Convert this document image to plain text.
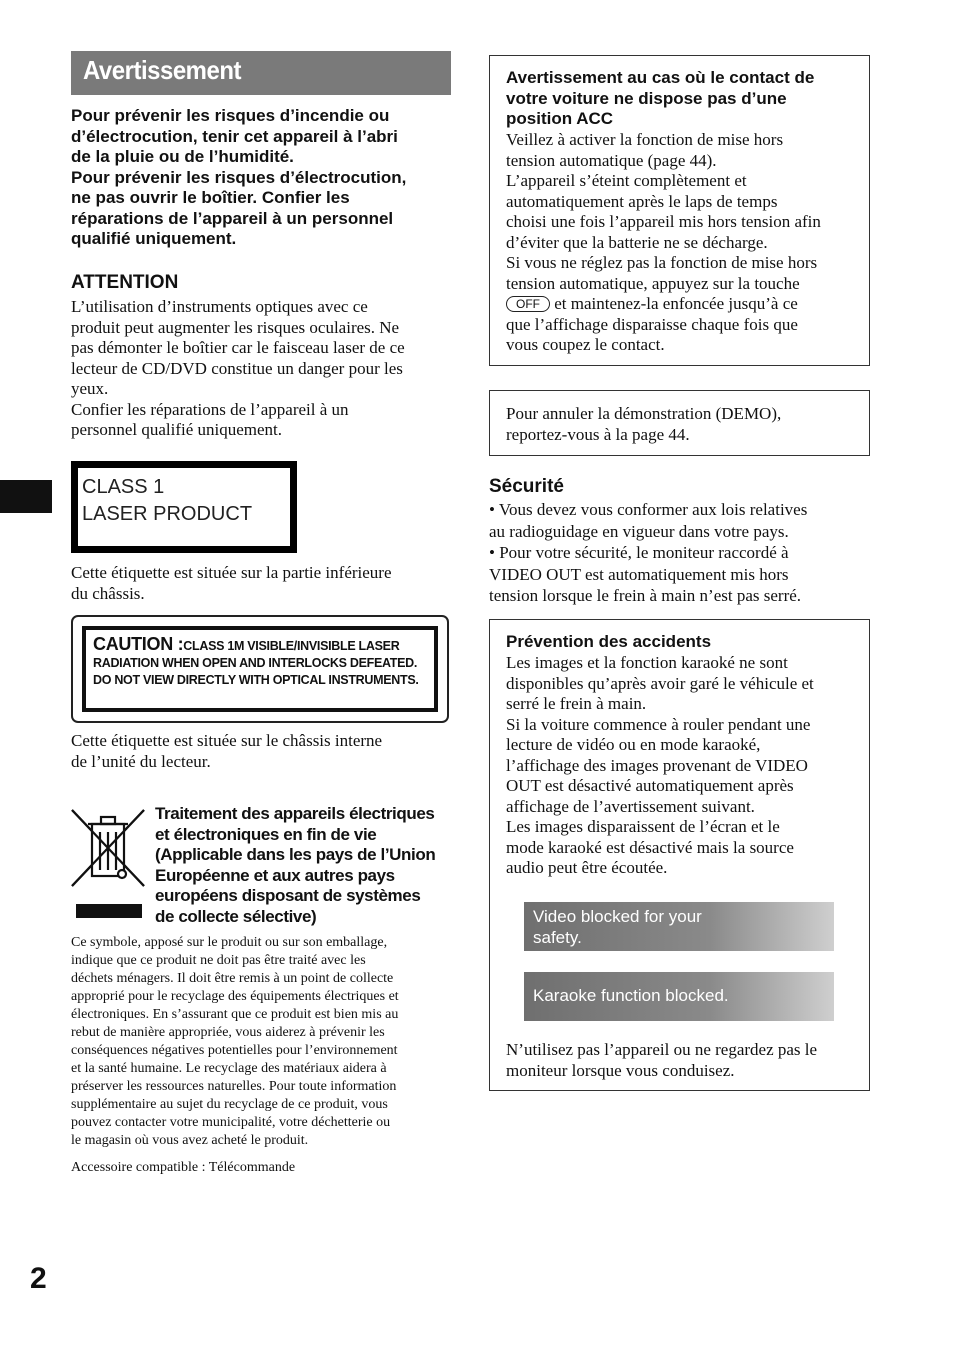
Avertissement
Pour prévenir les risques d’incendie ou
d’électrocution, tenir cet appareil à l’abri
de la pluie ou de l’humidité.
Pour prévenir les risques d’électrocution,
ne pas ouvrir le boîtier. Confier les
réparations de l’appareil à un personnel
qualifié uniquement.
ATTENTION
L’utilisation d’instruments optiques avec ce
produit peut augmenter les risques oculaires. Ne
pas démonter le boîtier car le faisceau laser de ce
lecteur de CD/DVD constitue un danger pour les
yeux.
Confier les réparations de l’appareil à un
personnel qualifié uniquement.
CLASS 1
LASER PRODUCT
Cette étiquette est située sur la partie inférieure
du châssis.
CAUTION :CLASS 1M VISIBLE/INVISIBLE LASER
RADIATION WHEN OPEN AND INTERLOCKS DEFEATED.
DO NOT VIEW DIRECTLY WITH OPTICAL INSTRUMENTS.
Cette étiquette est située sur le châssis interne
de l’unité du lecteur.
Traitement des appareils électriques
et électroniques en fin de vie
(Applicable dans les pays de l’Union
Européenne et aux autres pays
européens disposant de systèmes
de collecte sélective)
Ce symbole, apposé sur le produit ou sur son emballage,
indique que ce produit ne doit pas être traité avec les
déchets ménagers. Il doit être remis à un point de collecte
approprié pour le recyclage des équipements électriques et
électroniques. En s’assurant que ce produit est bien mis au
rebut de manière appropriée, vous aiderez à prévenir les
conséquences négatives potentielles pour l’environnement
et la santé humaine. Le recyclage des matériaux aidera à
préserver les ressources naturelles. Pour toute information
supplémentaire au sujet du recyclage de ce produit, vous
pouvez contacter votre municipalité, votre déchetterie ou
le magasin où vous avez acheté le produit.
Accessoire compatible : Télécommande
Avertissement au cas où le contact de
votre voiture ne dispose pas d’une
position ACC
Veillez à activer la fonction de mise hors
tension automatique (page 44).
L’appareil s’éteint complètement et
automatiquement après le laps de temps
choisi une fois l’appareil mis hors tension afin
d’éviter que la batterie ne se décharge.
Si vous ne réglez pas la fonction de mise hors
tension automatique, appuyez sur la touche
OFF et maintenez-la enfoncée jusqu’à ce
que l’affichage disparaisse chaque fois que
vous coupez le contact.
Pour annuler la démonstration (DEMO),
reportez-vous à la page 44.
Sécurité
• Vous devez vous conformer aux lois relatives
au radioguidage en vigueur dans votre pays.
• Pour votre sécurité, le moniteur raccordé à
VIDEO OUT est automatiquement mis hors
tension lorsque le frein à main n’est pas serré.
Prévention des accidents
Les images et la fonction karaoké ne sont
disponibles qu’après avoir garé le véhicule et
serré le frein à main.
Si la voiture commence à rouler pendant une
lecture de vidéo ou en mode karaoké,
l’affichage des images provenant de VIDEO
OUT est désactivé automatiquement après
affichage de l’avertissement suivant.
Les images disparaissent de l’écran et le
mode karaoké est désactivé mais la source
audio peut être écoutée.
Video blocked for your
safety.
Karaoke function blocked.
N’utilisez pas l’appareil ou ne regardez pas le
moniteur lorsque vous conduisez.
2
